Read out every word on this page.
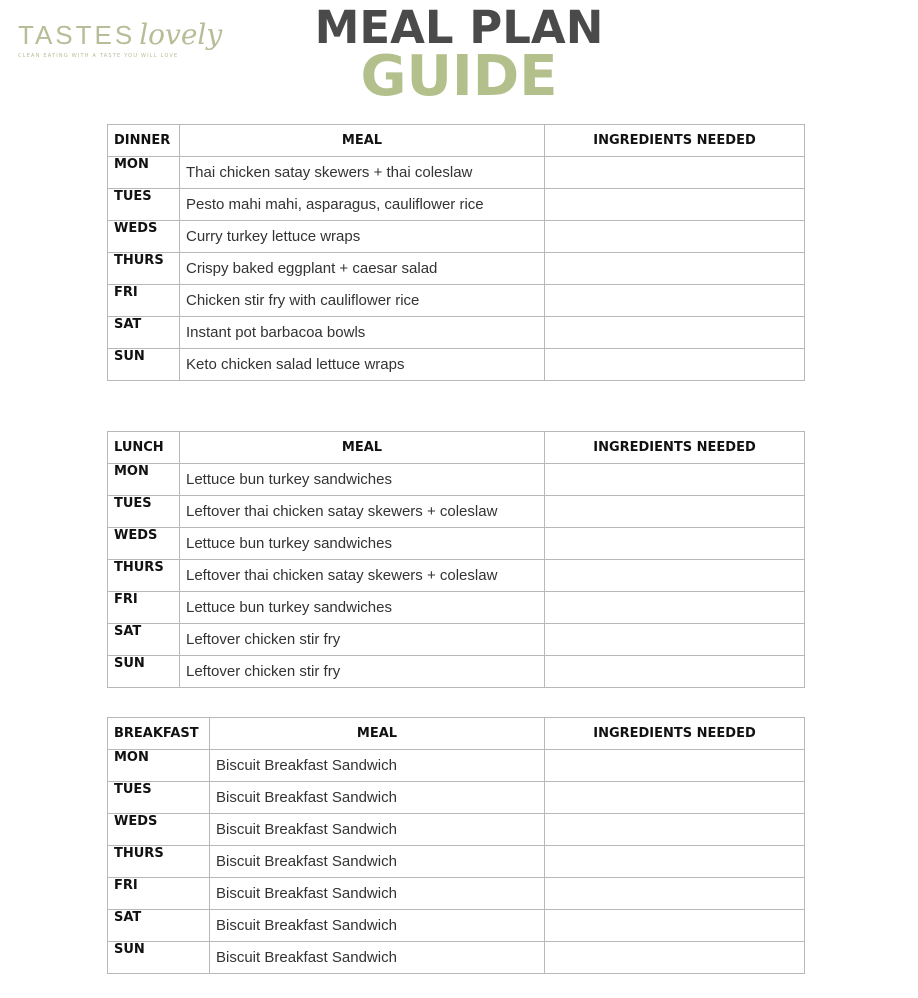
TASTES lovely
CLEAN EATING WITH A TASTE YOU WILL LOVE
MEAL PLAN
GUIDE
DINNER	MEAL	INGREDIENTS NEEDED
MON	Thai chicken satay skewers + thai coleslaw	
TUES	Pesto mahi mahi, asparagus, cauliflower rice	
WEDS	Curry turkey lettuce wraps	
THURS	Crispy baked eggplant + caesar salad	
FRI	Chicken stir fry with cauliflower rice	
SAT	Instant pot barbacoa bowls	
SUN	Keto chicken salad lettuce wraps	
LUNCH	MEAL	INGREDIENTS NEEDED
MON	Lettuce bun turkey sandwiches	
TUES	Leftover thai chicken satay skewers + coleslaw	
WEDS	Lettuce bun turkey sandwiches	
THURS	Leftover thai chicken satay skewers + coleslaw	
FRI	Lettuce bun turkey sandwiches	
SAT	Leftover chicken stir fry	
SUN	Leftover chicken stir fry	
BREAKFAST	MEAL	INGREDIENTS NEEDED
MON	Biscuit Breakfast Sandwich	
TUES	Biscuit Breakfast Sandwich	
WEDS	Biscuit Breakfast Sandwich	
THURS	Biscuit Breakfast Sandwich	
FRI	Biscuit Breakfast Sandwich	
SAT	Biscuit Breakfast Sandwich	
SUN	Biscuit Breakfast Sandwich	
